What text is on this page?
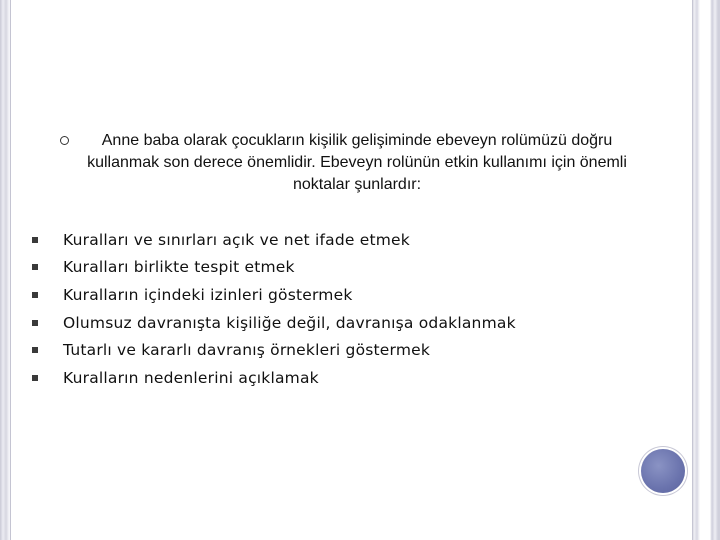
Anne baba olarak çocukların kişilik gelişiminde ebeveyn rolümüzü doğru kullanmak son derece önemlidir. Ebeveyn rolünün etkin kullanımı için önemli noktalar şunlardır:
Kuralları ve sınırları açık ve net ifade etmek
Kuralları birlikte tespit etmek
Kuralların içindeki izinleri göstermek
Olumsuz davranışta kişiliğe değil, davranışa odaklanmak
Tutarlı ve kararlı davranış örnekleri göstermek
Kuralların nedenlerini açıklamak
